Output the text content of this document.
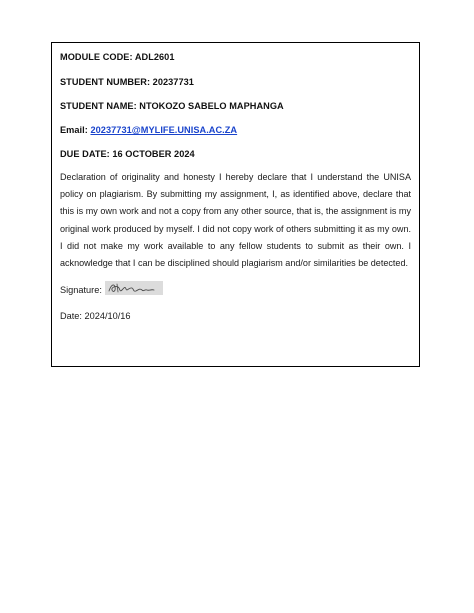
MODULE CODE: ADL2601

STUDENT NUMBER: 20237731

STUDENT NAME: NTOKOZO SABELO MAPHANGA

Email: 20237731@MYLIFE.UNISA.AC.ZA

DUE DATE: 16 OCTOBER 2024

Declaration of originality and honesty I hereby declare that I understand the UNISA policy on plagiarism. By submitting my assignment, I, as identified above, declare that this is my own work and not a copy from any other source, that is, the assignment is my original work produced by myself. I did not copy work of others submitting it as my own. I did not make my work available to any fellow students to submit as their own. I acknowledge that I can be disciplined should plagiarism and/or similarities be detected.

Signature:

Date: 2024/10/16
